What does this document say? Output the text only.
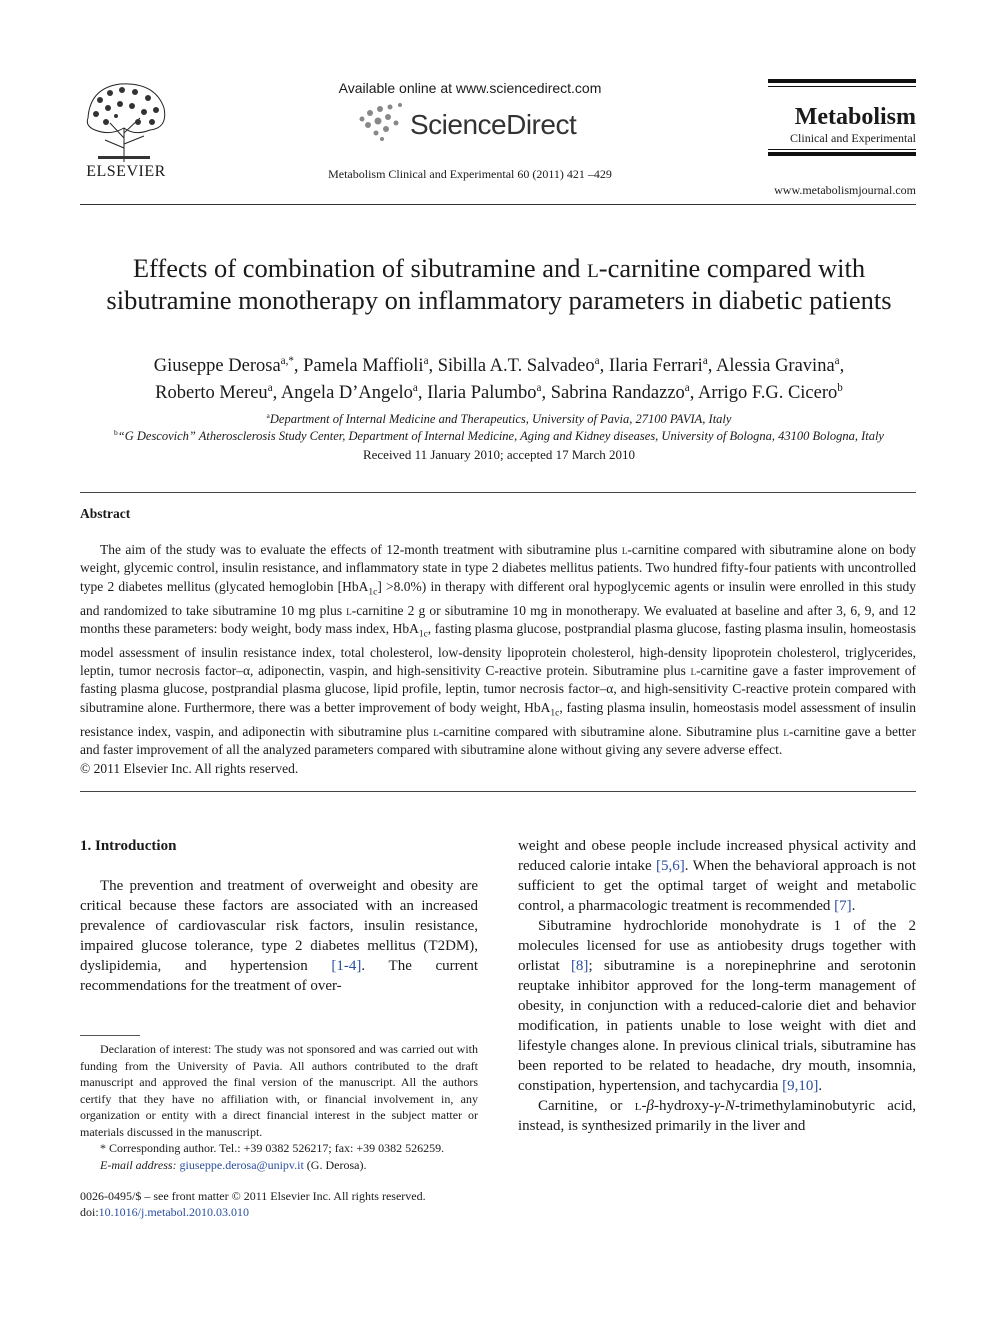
ELSEVIER
Available online at www.sciencedirect.com
ScienceDirect
Metabolism Clinical and Experimental 60 (2011) 421 –429
Metabolism
Clinical and Experimental
www.metabolismjournal.com
Effects of combination of sibutramine and l-carnitine compared with sibutramine monotherapy on inflammatory parameters in diabetic patients
Giuseppe Derosa$^{a,*}$, Pamela Maffioli$^a$, Sibilla A.T. Salvadeo$^a$, Ilaria Ferrari$^a$, Alessia Gravina$^a$,
Roberto Mereu$^a$, Angela D’Angelo$^a$, Ilaria Palumbo$^a$, Sabrina Randazzo$^a$, Arrigo F.G. Cicero$^b$
$^a$Department of Internal Medicine and Therapeutics, University of Pavia, 27100 PAVIA, Italy
$^b$“G Descovich” Atherosclerosis Study Center, Department of Internal Medicine, Aging and Kidney diseases, University of Bologna, 43100 Bologna, Italy
Received 11 January 2010; accepted 17 March 2010
Abstract
The aim of the study was to evaluate the effects of 12-month treatment with sibutramine plus l-carnitine compared with sibutramine alone on body weight, glycemic control, insulin resistance, and inflammatory state in type 2 diabetes mellitus patients. Two hundred fifty-four patients with uncontrolled type 2 diabetes mellitus (glycated hemoglobin [HbA$_{1c}$] >8.0%) in therapy with different oral hypoglycemic agents or insulin were enrolled in this study and randomized to take sibutramine 10 mg plus l-carnitine 2 g or sibutramine 10 mg in monotherapy. We evaluated at baseline and after 3, 6, 9, and 12 months these parameters: body weight, body mass index, HbA$_{1c}$, fasting plasma glucose, postprandial plasma glucose, fasting plasma insulin, homeostasis model assessment of insulin resistance index, total cholesterol, low-density lipoprotein cholesterol, high-density lipoprotein cholesterol, triglycerides, leptin, tumor necrosis factor–α, adiponectin, vaspin, and high-sensitivity C-reactive protein. Sibutramine plus l-carnitine gave a faster improvement of fasting plasma glucose, postprandial plasma glucose, lipid profile, leptin, tumor necrosis factor–α, and high-sensitivity C-reactive protein compared with sibutramine alone. Furthermore, there was a better improvement of body weight, HbA$_{1c}$, fasting plasma insulin, homeostasis model assessment of insulin resistance index, vaspin, and adiponectin with sibutramine plus l-carnitine compared with sibutramine alone. Sibutramine plus l-carnitine gave a better and faster improvement of all the analyzed parameters compared with sibutramine alone without giving any severe adverse effect.
© 2011 Elsevier Inc. All rights reserved.
1. Introduction
The prevention and treatment of overweight and obesity are critical because these factors are associated with an increased prevalence of cardiovascular risk factors, insulin resistance, impaired glucose tolerance, type 2 diabetes mellitus (T2DM), dyslipidemia, and hypertension [1-4]. The current recommendations for the treatment of over-

Declaration of interest: The study was not sponsored and was carried out with funding from the University of Pavia. All authors contributed to the draft manuscript and approved the final version of the manuscript. All the authors certify that they have no affiliation with, or financial involvement in, any organization or entity with a direct financial interest in the subject matter or materials discussed in the manuscript.

* Corresponding author. Tel.: +39 0382 526217; fax: +39 0382 526259.

E-mail address: giuseppe.derosa@unipv.it (G. Derosa).

0026-0495/$ – see front matter © 2011 Elsevier Inc. All rights reserved.
doi:10.1016/j.metabol.2010.03.010

weight and obese people include increased physical activity and reduced calorie intake [5,6]. When the behavioral approach is not sufficient to get the optimal target of weight and metabolic control, a pharmacologic treatment is recommended [7].

Sibutramine hydrochloride monohydrate is 1 of the 2 molecules licensed for use as antiobesity drugs together with orlistat [8]; sibutramine is a norepinephrine and serotonin reuptake inhibitor approved for the long-term management of obesity, in conjunction with a reduced-calorie diet and behavior modification, in patients unable to lose weight with diet and lifestyle changes alone. In previous clinical trials, sibutramine has been reported to be related to headache, dry mouth, insomnia, constipation, hypertension, and tachycardia [9,10].

Carnitine, or l-β-hydroxy-γ-N-trimethylaminobutyric acid, instead, is synthesized primarily in the liver and
